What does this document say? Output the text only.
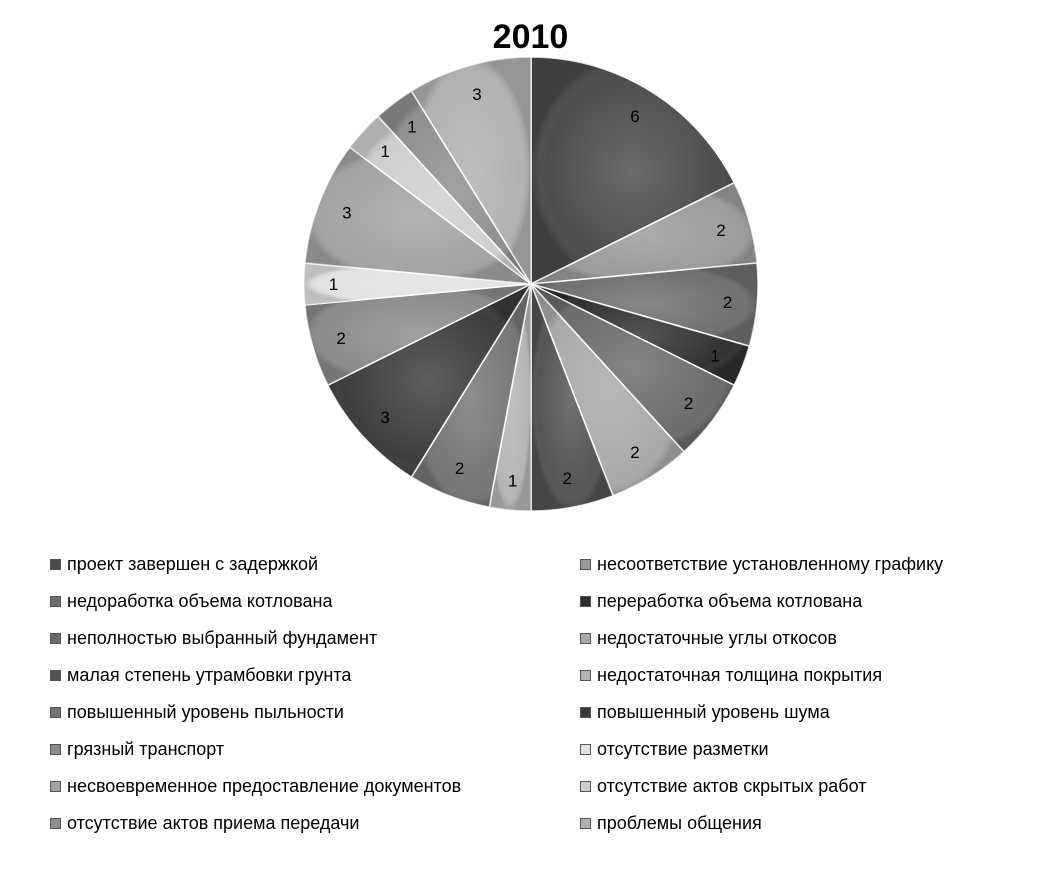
2010
6
2
2
1
2
2
2
1
2
3
2
1
3
1
1
3
проект завершен с задержкой	несоответствие установленному графику
недоработка объема котлована	переработка объема котлована
неполностью выбранный фундамент	недостаточные углы откосов
малая степень утрамбовки грунта	недостаточная толщина покрытия
повышенный уровень пыльности	повышенный уровень шума
грязный транспорт	отсутствие разметки
несвоевременное предоставление документов	отсутствие актов скрытых работ
отсутствие актов приема передачи	проблемы общения
